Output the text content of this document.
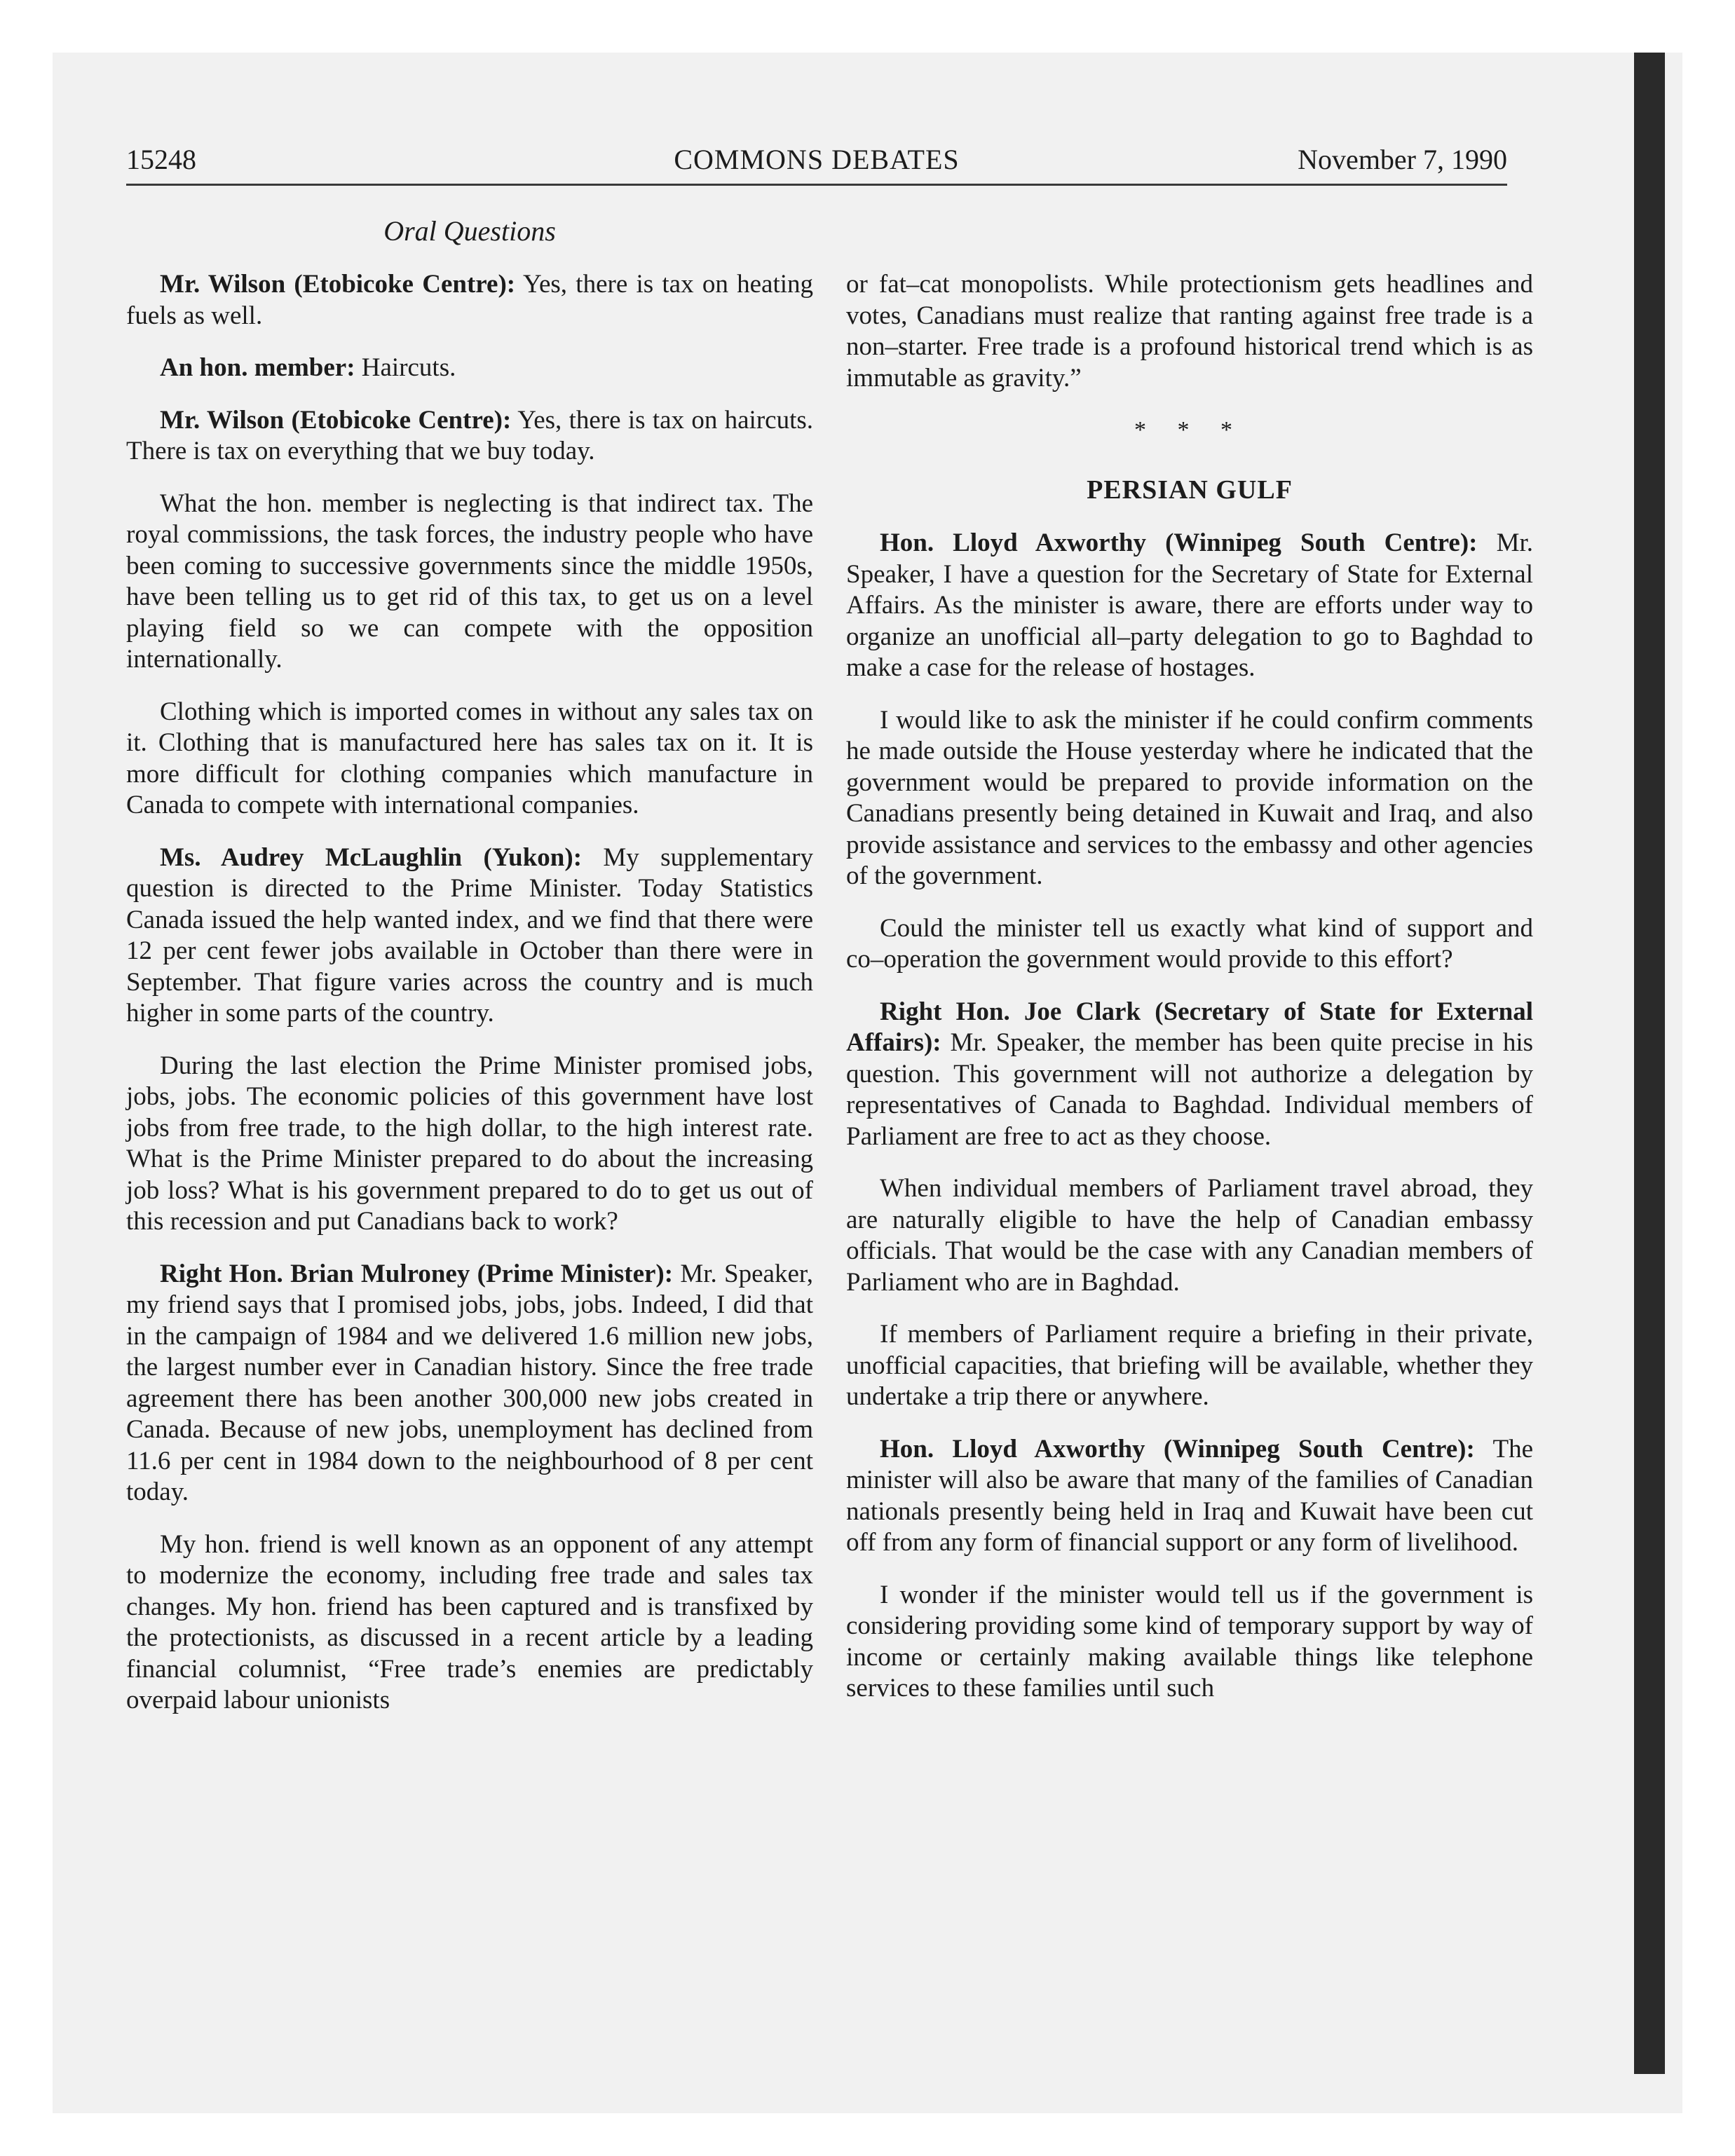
15248	COMMONS DEBATES	November 7, 1990
Oral Questions

Mr. Wilson (Etobicoke Centre): Yes, there is tax on heating fuels as well.

An hon. member: Haircuts.

Mr. Wilson (Etobicoke Centre): Yes, there is tax on haircuts. There is tax on everything that we buy today.

What the hon. member is neglecting is that indirect tax. The royal commissions, the task forces, the industry people who have been coming to successive governments since the middle 1950s, have been telling us to get rid of this tax, to get us on a level playing field so we can compete with the opposition internationally.

Clothing which is imported comes in without any sales tax on it. Clothing that is manufactured here has sales tax on it. It is more difficult for clothing companies which manufacture in Canada to compete with international companies.

Ms. Audrey McLaughlin (Yukon): My supplementary question is directed to the Prime Minister. Today Statistics Canada issued the help wanted index, and we find that there were 12 per cent fewer jobs available in October than there were in September. That figure varies across the country and is much higher in some parts of the country.

During the last election the Prime Minister promised jobs, jobs, jobs. The economic policies of this government have lost jobs from free trade, to the high dollar, to the high interest rate. What is the Prime Minister prepared to do about the increasing job loss? What is his government prepared to do to get us out of this recession and put Canadians back to work?

Right Hon. Brian Mulroney (Prime Minister): Mr. Speaker, my friend says that I promised jobs, jobs, jobs. Indeed, I did that in the campaign of 1984 and we delivered 1.6 million new jobs, the largest number ever in Canadian history. Since the free trade agreement there has been another 300,000 new jobs created in Canada. Because of new jobs, unemployment has declined from 11.6 per cent in 1984 down to the neighbourhood of 8 per cent today.

My hon. friend is well known as an opponent of any attempt to modernize the economy, including free trade and sales tax changes. My hon. friend has been captured and is transfixed by the protectionists, as discussed in a recent article by a leading financial columnist, “Free trade’s enemies are predictably overpaid labour unionists

or fat–cat monopolists. While protectionism gets headlines and votes, Canadians must realize that ranting against free trade is a non–starter. Free trade is a profound historical trend which is as immutable as gravity.”

* * *
PERSIAN GULF

Hon. Lloyd Axworthy (Winnipeg South Centre): Mr. Speaker, I have a question for the Secretary of State for External Affairs. As the minister is aware, there are efforts under way to organize an unofficial all–party delegation to go to Baghdad to make a case for the release of hostages.

I would like to ask the minister if he could confirm comments he made outside the House yesterday where he indicated that the government would be prepared to provide information on the Canadians presently being detained in Kuwait and Iraq, and also provide assistance and services to the embassy and other agencies of the government.

Could the minister tell us exactly what kind of support and co–operation the government would provide to this effort?

Right Hon. Joe Clark (Secretary of State for External Affairs): Mr. Speaker, the member has been quite precise in his question. This government will not authorize a delegation by representatives of Canada to Baghdad. Individual members of Parliament are free to act as they choose.

When individual members of Parliament travel abroad, they are naturally eligible to have the help of Canadian embassy officials. That would be the case with any Canadian members of Parliament who are in Baghdad.

If members of Parliament require a briefing in their private, unofficial capacities, that briefing will be available, whether they undertake a trip there or anywhere.

Hon. Lloyd Axworthy (Winnipeg South Centre): The minister will also be aware that many of the families of Canadian nationals presently being held in Iraq and Kuwait have been cut off from any form of financial support or any form of livelihood.

I wonder if the minister would tell us if the government is considering providing some kind of temporary support by way of income or certainly making available things like telephone services to these families until such
